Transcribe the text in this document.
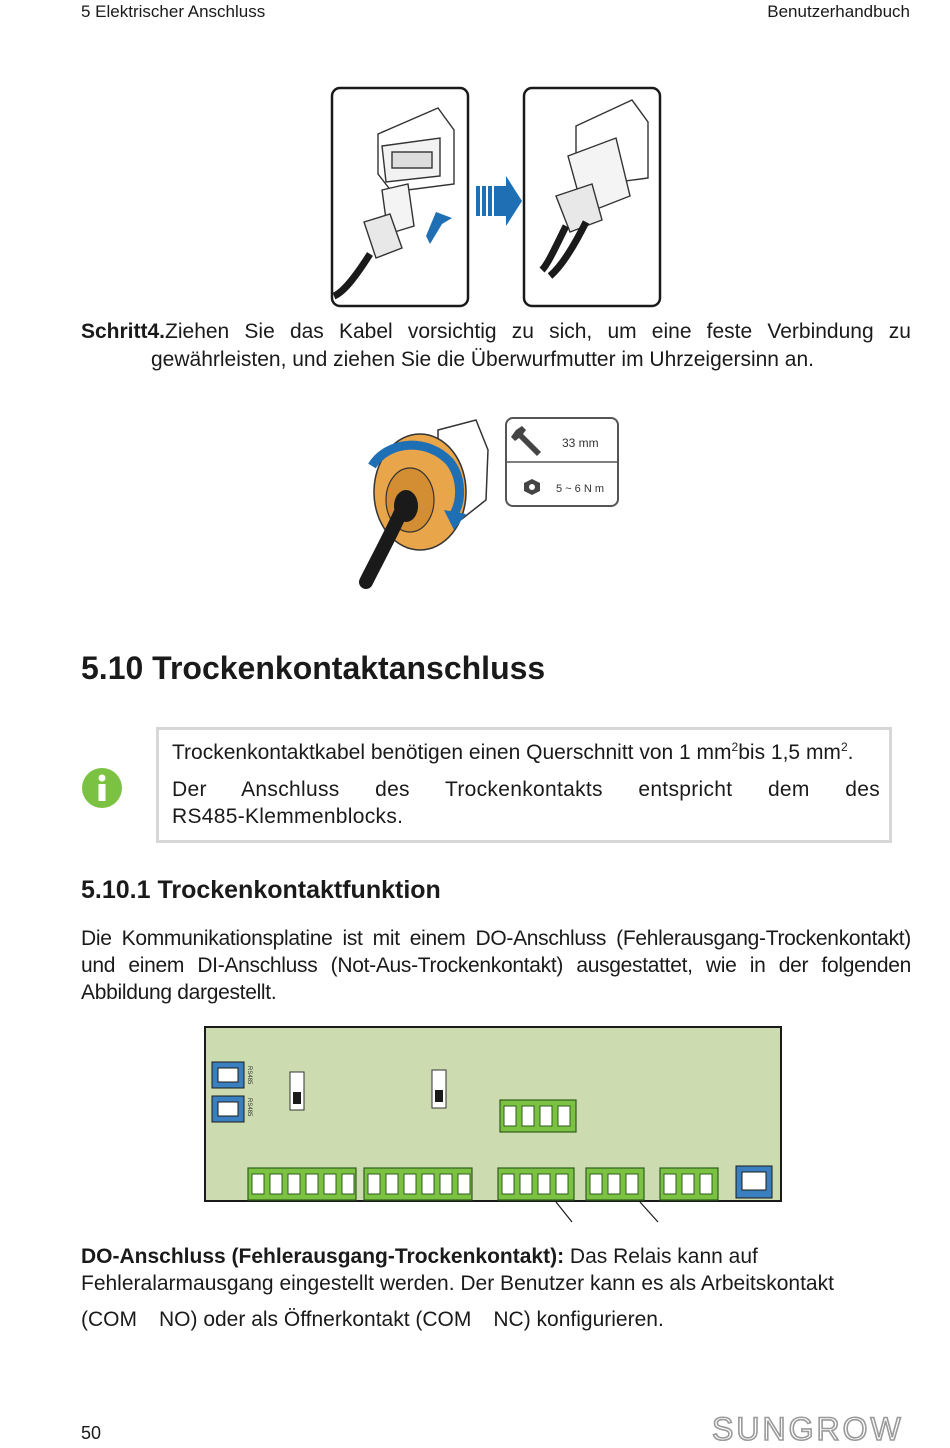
5 Elektrischer Anschluss	Benutzerhandbuch
Schritt4.Ziehen Sie das Kabel vorsichtig zu sich, um eine feste Verbindung zu
gewährleisten, und ziehen Sie die Überwurfmutter im Uhrzeigersinn an.
33 mm
5 ~ 6 N m
5.10 Trockenkontaktanschluss
Trockenkontaktkabel benötigen einen Querschnitt von 1 $mm^2bis$ 1,5 $mm^2$.
Der Anschluss des Trockenkontakts entspricht dem des
RS485-Klemmenblocks.
5.10.1 Trockenkontaktfunktion
Die Kommunikationsplatine ist mit einem DO-Anschluss (Fehlerausgang-Trockenkontakt)
und einem DI-Anschluss (Not-Aus-Trockenkontakt) ausgestattet, wie in der folgenden
Abbildung dargestellt.
RS485
RS485
DO-Anschluss (Fehlerausgang-Trockenkontakt): Das Relais kann auf
Fehleralarmausgang eingestellt werden. Der Benutzer kann es als Arbeitskontakt
(COM NO) oder als Öffnerkontakt (COM NC) konfigurieren.
50	SUNGROW
